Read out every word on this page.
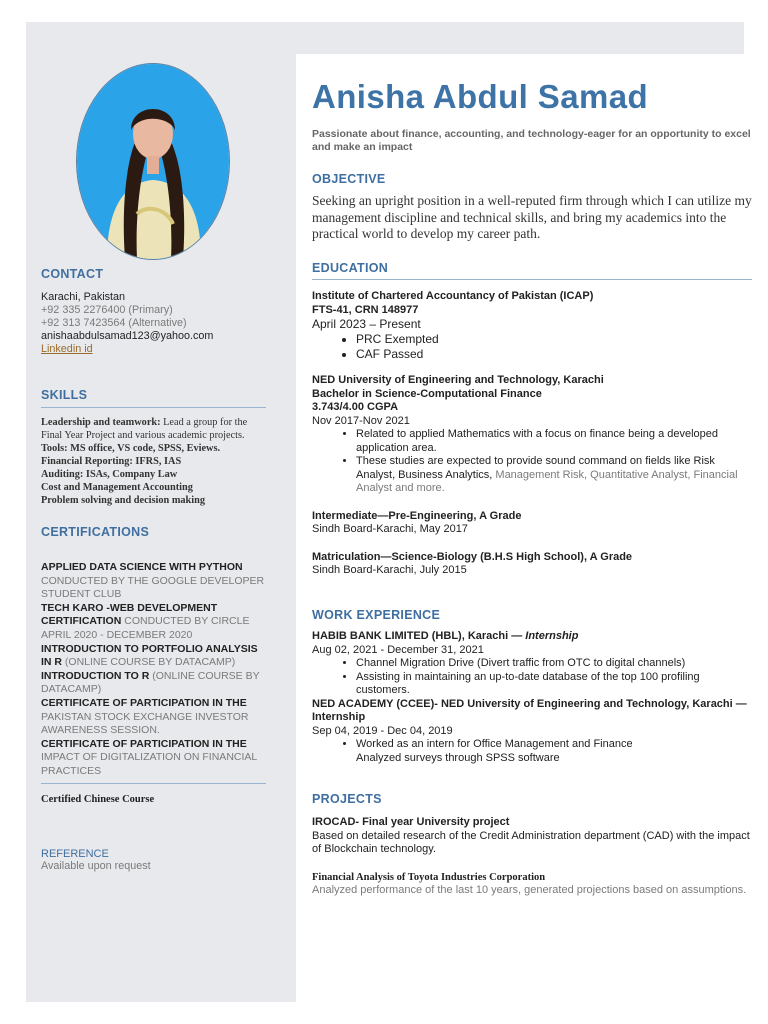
CONTACT
Karachi, Pakistan
+92 335 2276400 (Primary)
+92 313 7423564 (Alternative)
anishaabdulsamad123@yahoo.com
Linkedin id
SKILLS
Leadership and teamwork: Lead a group for the Final Year Project and various academic projects.
Tools: MS office, VS code, SPSS, Eviews.
Financial Reporting: IFRS, IAS
Auditing: ISAs, Company Law
Cost and Management Accounting
Problem solving and decision making
CERTIFICATIONS
APPLIED DATA SCIENCE WITH PYTHON
CONDUCTED BY THE GOOGLE DEVELOPER STUDENT CLUB
TECH KARO -WEB DEVELOPMENT CERTIFICATION CONDUCTED BY CIRCLE
APRIL 2020 - DECEMBER 2020
INTRODUCTION TO PORTFOLIO ANALYSIS IN R (ONLINE COURSE BY DATACAMP)
INTRODUCTION TO R (ONLINE COURSE BY DATACAMP)
CERTIFICATE OF PARTICIPATION IN THE
PAKISTAN STOCK EXCHANGE INVESTOR AWARENESS SESSION.
CERTIFICATE OF PARTICIPATION IN THE
IMPACT OF DIGITALIZATION ON FINANCIAL PRACTICES
Certified Chinese Course
REFERENCE
Available upon request
Anisha Abdul Samad
Passionate about finance, accounting, and technology-eager for an opportunity to excel and make an impact
OBJECTIVE
Seeking an upright position in a well-reputed firm through which I can utilize my management discipline and technical skills, and bring my academics into the practical world to develop my career path.
EDUCATION
Institute of Chartered Accountancy of Pakistan (ICAP)
FTS-41, CRN 148977
April 2023 – Present
• PRC Exempted
• CAF Passed
NED University of Engineering and Technology, Karachi
Bachelor in Science-Computational Finance
3.743/4.00 CGPA
Nov 2017-Nov 2021
• Related to applied Mathematics with a focus on finance being a developed application area.
• These studies are expected to provide sound command on fields like Risk Analyst, Business Analytics, Management Risk, Quantitative Analyst, Financial Analyst and more.
Intermediate—Pre-Engineering, A Grade
Sindh Board-Karachi, May 2017
Matriculation—Science-Biology (B.H.S High School), A Grade
Sindh Board-Karachi, July 2015
WORK EXPERIENCE
HABIB BANK LIMITED (HBL), Karachi — Internship
Aug 02, 2021 - December 31, 2021
• Channel Migration Drive (Divert traffic from OTC to digital channels)
• Assisting in maintaining an up-to-date database of the top 100 profiling customers.
NED ACADEMY (CCEE)- NED University of Engineering and Technology, Karachi — Internship
Sep 04, 2019 - Dec 04, 2019
• Worked as an intern for Office Management and Finance
Analyzed surveys through SPSS software
PROJECTS
IROCAD- Final year University project
Based on detailed research of the Credit Administration department (CAD) with the impact of Blockchain technology.
Financial Analysis of Toyota Industries Corporation
Analyzed performance of the last 10 years, generated projections based on assumptions.
